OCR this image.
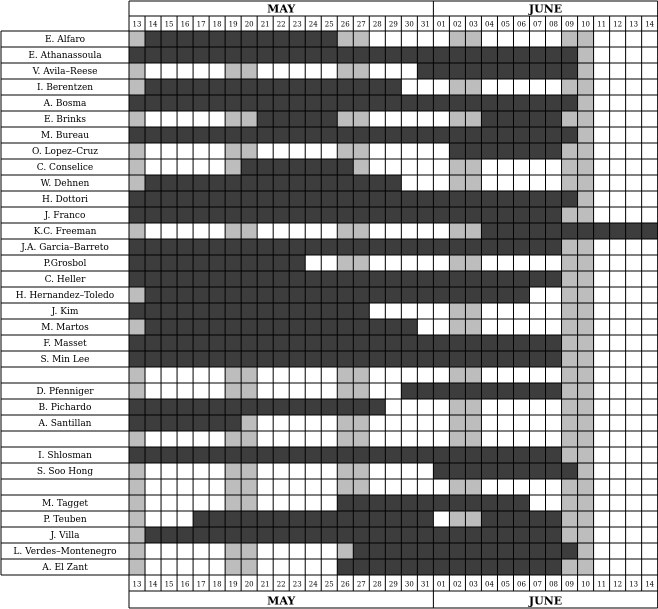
E. Alfaro
E. Athanassoula
V. Avila–Reese
I. Berentzen
A. Bosma
E. Brinks
M. Bureau
O. Lopez–Cruz
C. Conselice
W. Dehnen
H. Dottori
J. Franco
K.C. Freeman
J.A. Garcia–Barreto
P.Grosbol
C. Heller
H. Hernandez–Toledo
J. Kim
M. Martos
F. Masset
S. Min Lee
D. Pfenniger
B. Pichardo
A. Santillan
I. Shlosman
S. Soo Hong
M. Tagget
P. Teuben
J. Villa
L. Verdes–Montenegro
A. El Zant
MAY
MAY
JUNE
JUNE
13
13
14
14
15
15
16
16
17
17
18
18
19
19
20
20
21
21
22
22
23
23
24
24
25
25
26
26
27
27
28
28
29
29
30
30
31
31
01
01
02
02
03
03
04
04
05
05
06
06
07
07
08
08
09
09
10
10
11
11
12
12
13
13
14
14
